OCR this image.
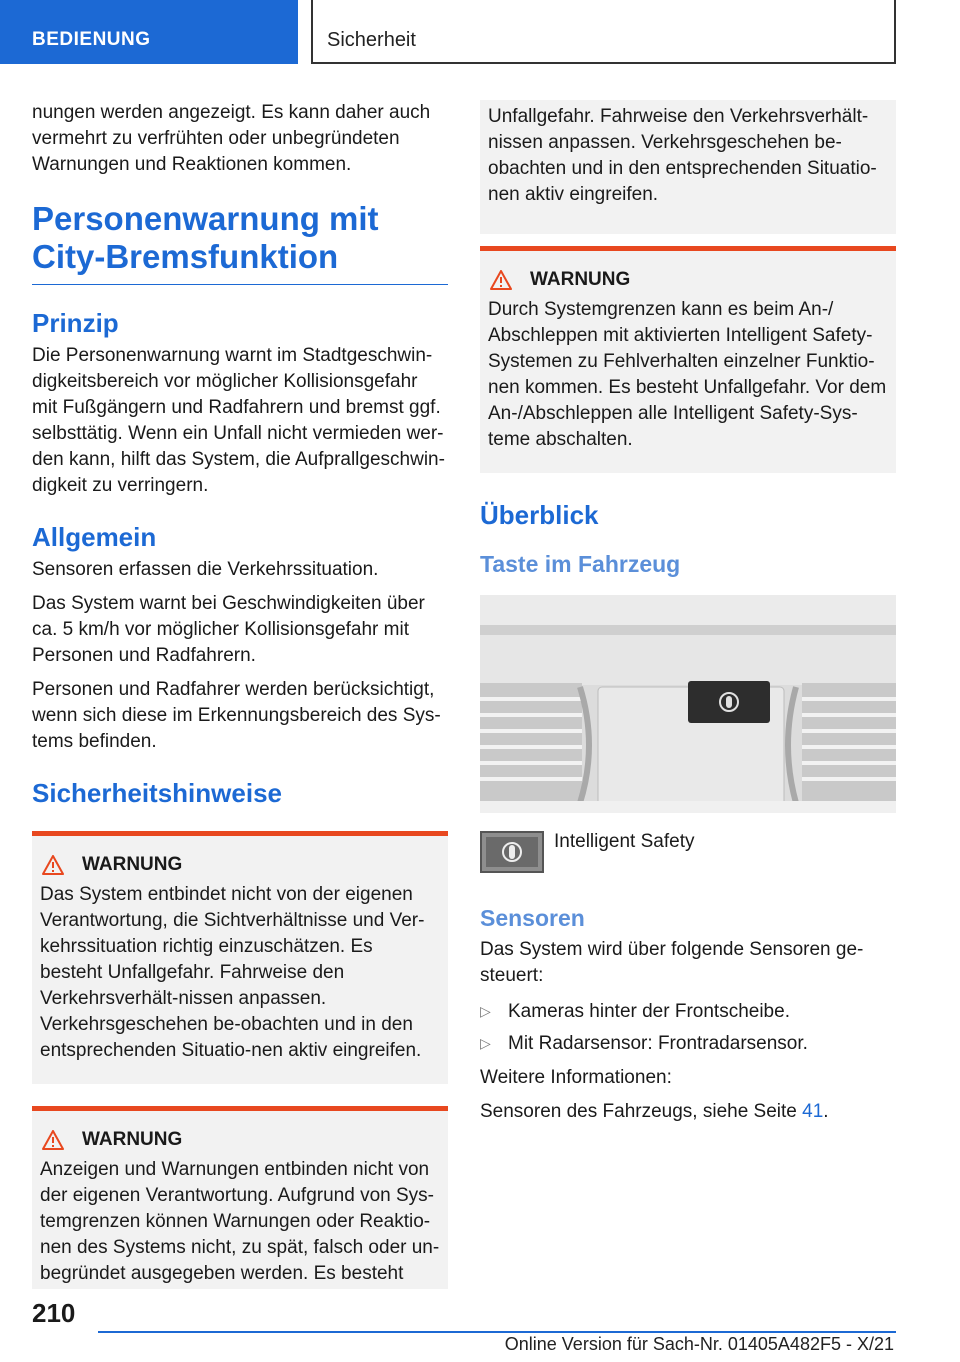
BEDIENUNG	Sicherheit

nungen werden angezeigt. Es kann daher auch vermehrt zu verfrühten oder unbegründeten Warnungen und Reaktionen kommen.

Personenwarnung mit City-Bremsfunktion
Prinzip

Die Personenwarnung warnt im Stadtgeschwin-digkeitsbereich vor möglicher Kollisionsgefahr mit Fußgängern und Radfahrern und bremst ggf. selbsttätig. Wenn ein Unfall nicht vermieden wer-den kann, hilft das System, die Aufprallgeschwin-digkeit zu verringern.

Allgemein

Sensoren erfassen die Verkehrssituation.

Das System warnt bei Geschwindigkeiten über ca. 5 km/h vor möglicher Kollisionsgefahr mit Personen und Radfahrern.

Personen und Radfahrer werden berücksichtigt, wenn sich diese im Erkennungsbereich des Sys-tems befinden.

Sicherheitshinweise
WARNUNG

Das System entbindet nicht von der eigenen Verantwortung, die Sichtverhältnisse und Ver-kehrssituation richtig einzuschätzen. Es besteht Unfallgefahr. Fahrweise den Verkehrsverhält-nissen anpassen. Verkehrsgeschehen be-obachten und in den entsprechenden Situatio-nen aktiv eingreifen.

WARNUNG

Anzeigen und Warnungen entbinden nicht von der eigenen Verantwortung. Aufgrund von Sys-temgrenzen können Warnungen oder Reaktio-nen des Systems nicht, zu spät, falsch oder un-begründet ausgegeben werden. Es besteht

Unfallgefahr. Fahrweise den Verkehrsverhält-nissen anpassen. Verkehrsgeschehen be-obachten und in den entsprechenden Situatio-nen aktiv eingreifen.

WARNUNG

Durch Systemgrenzen kann es beim An-/ Abschleppen mit aktivierten Intelligent Safety-Systemen zu Fehlverhalten einzelner Funktio-nen kommen. Es besteht Unfallgefahr. Vor dem An-/Abschleppen alle Intelligent Safety-Sys-teme abschalten.

Überblick
Taste im Fahrzeug

Intelligent Safety

Sensoren

Das System wird über folgende Sensoren ge-steuert:

▷ Kameras hinter der Frontscheibe.

▷ Mit Radarsensor: Frontradarsensor.

Weitere Informationen:

Sensoren des Fahrzeugs, siehe Seite 41.

210
Online Version für Sach-Nr. 01405A482F5 - X/21
